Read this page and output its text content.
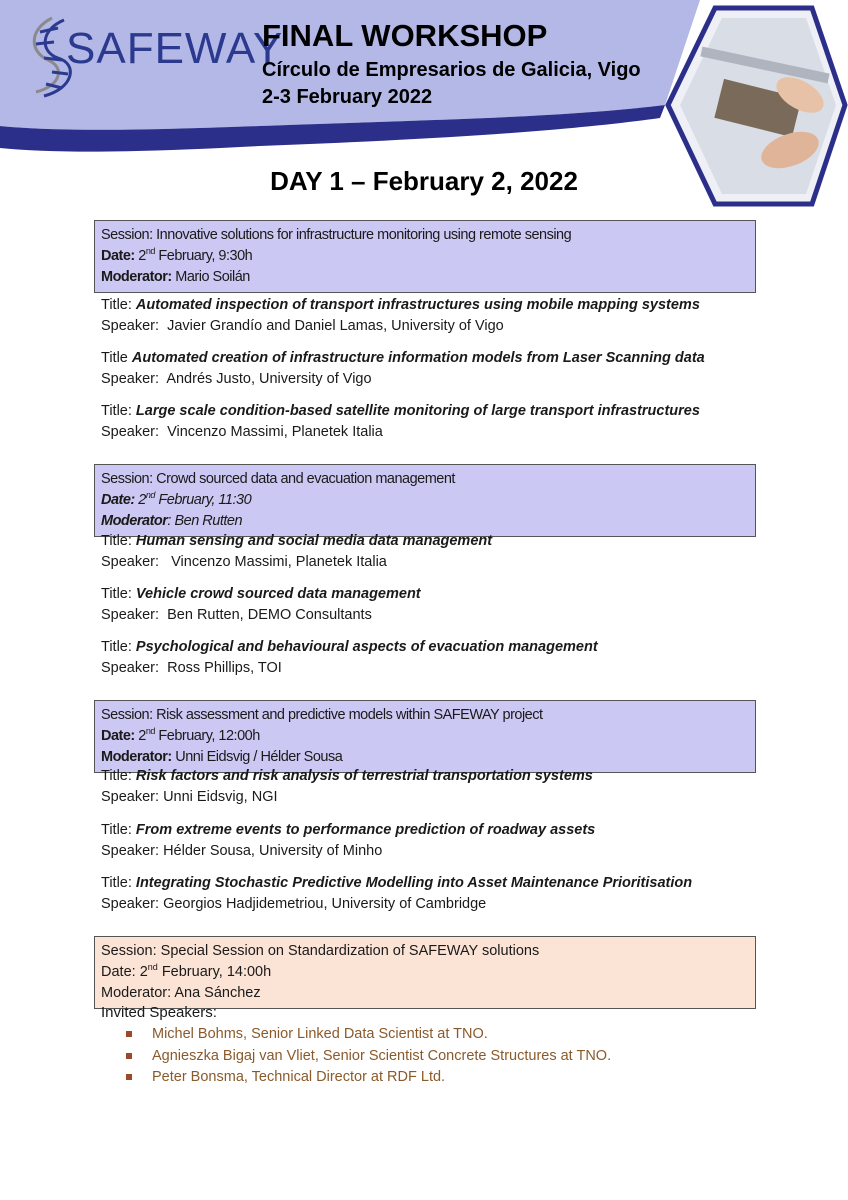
SAFEWAY
FINAL WORKSHOP
Círculo de Empresarios de Galicia, Vigo
2-3 February 2022
DAY 1 – February 2, 2022
Session: Innovative solutions for infrastructure monitoring using remote sensing
Date: 2nd February, 9:30h
Moderator: Mario Soilán
Title: Automated inspection of transport infrastructures using mobile mapping systems
Speaker: Javier Grandío and Daniel Lamas, University of Vigo
Title Automated creation of infrastructure information models from Laser Scanning data
Speaker: Andrés Justo, University of Vigo
Title: Large scale condition-based satellite monitoring of large transport infrastructures
Speaker: Vincenzo Massimi, Planetek Italia
Session: Crowd sourced data and evacuation management
Date: 2nd February, 11:30
Moderator: Ben Rutten
Title: Human sensing and social media data management
Speaker: Vincenzo Massimi, Planetek Italia
Title: Vehicle crowd sourced data management
Speaker: Ben Rutten, DEMO Consultants
Title: Psychological and behavioural aspects of evacuation management
Speaker: Ross Phillips, TOI
Session: Risk assessment and predictive models within SAFEWAY project
Date: 2nd February, 12:00h
Moderator: Unni Eidsvig / Hélder Sousa
Title: Risk factors and risk analysis of terrestrial transportation systems
Speaker: Unni Eidsvig, NGI
Title: From extreme events to performance prediction of roadway assets
Speaker: Hélder Sousa, University of Minho
Title: Integrating Stochastic Predictive Modelling into Asset Maintenance Prioritisation
Speaker: Georgios Hadjidemetriou, University of Cambridge
Session: Special Session on Standardization of SAFEWAY solutions
Date: 2nd February, 14:00h
Moderator: Ana Sánchez
Invited Speakers:
Michel Bohms, Senior Linked Data Scientist at TNO.
Agnieszka Bigaj van Vliet, Senior Scientist Concrete Structures at TNO.
Peter Bonsma, Technical Director at RDF Ltd.
